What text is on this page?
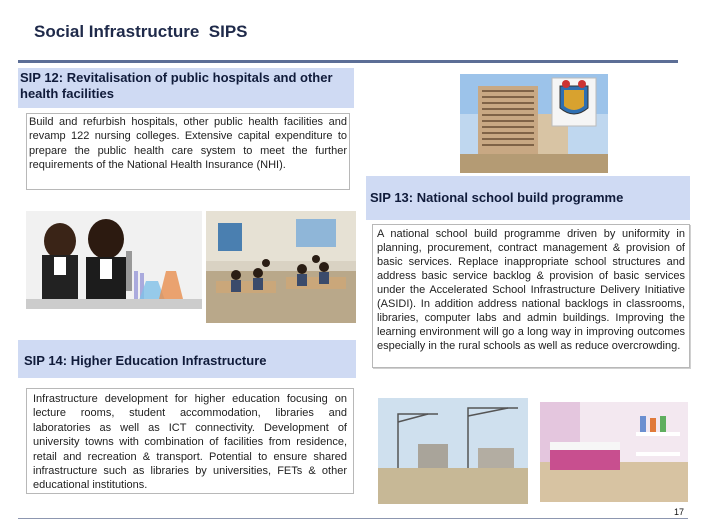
Social Infrastructure  SIPS
SIP 12: Revitalisation of public hospitals and other health facilities
Build and refurbish hospitals, other public health facilities and revamp 122 nursing colleges. Extensive capital expenditure to prepare the public health care system to meet the further requirements of the National Health Insurance (NHI).
SIP 13: National school build programme
A national school build programme driven by uniformity in planning, procurement, contract management & provision of basic services. Replace inappropriate school structures and address basic service backlog & provision of basic services under the Accelerated School Infrastructure Delivery Initiative (ASIDI). In addition address national backlogs in classrooms, libraries, computer labs and admin buildings. Improving the learning environment will go a long way in improving outcomes especially in the rural schools as well as reduce overcrowding.
SIP 14: Higher Education Infrastructure
Infrastructure development for higher education focusing on lecture rooms, student accommodation, libraries and laboratories as well as ICT connectivity. Development of university towns with combination of facilities from residence, retail and recreation & transport. Potential to ensure shared infrastructure such as libraries by universities, FETs & other educational institutions.
17
